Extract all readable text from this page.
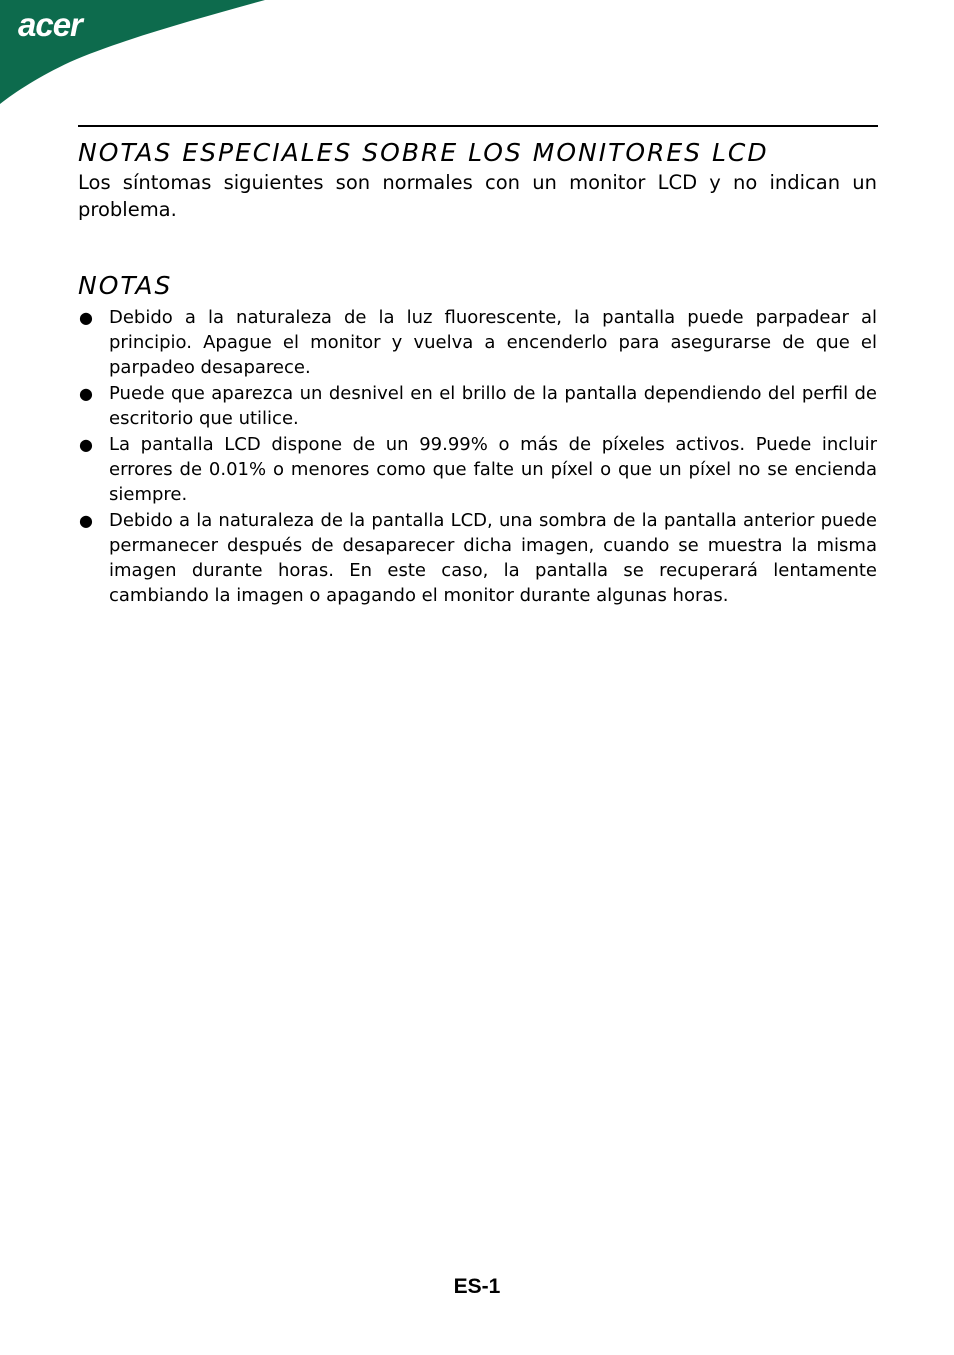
acer
NOTAS ESPECIALES SOBRE LOS MONITORES LCD

Los síntomas siguientes son normales con un monitor LCD y no indican un problema.

NOTAS
● Debido a la naturaleza de la luz fluorescente, la pantalla puede parpadear al principio. Apague el monitor y vuelva a encenderlo para asegurarse de que el parpadeo desaparece.
● Puede que aparezca un desnivel en el brillo de la pantalla dependiendo del perfil de escritorio que utilice.
● La pantalla LCD dispone de un 99.99% o más de píxeles activos. Puede incluir errores de 0.01% o menores como que falte un píxel o que un píxel no se encienda siempre.
● Debido a la naturaleza de la pantalla LCD, una sombra de la pantalla anterior puede permanecer después de desaparecer dicha imagen, cuando se muestra la misma imagen durante horas. En este caso, la pantalla se recuperará lentamente cambiando la imagen o apagando el monitor durante algunas horas.
ES-1
